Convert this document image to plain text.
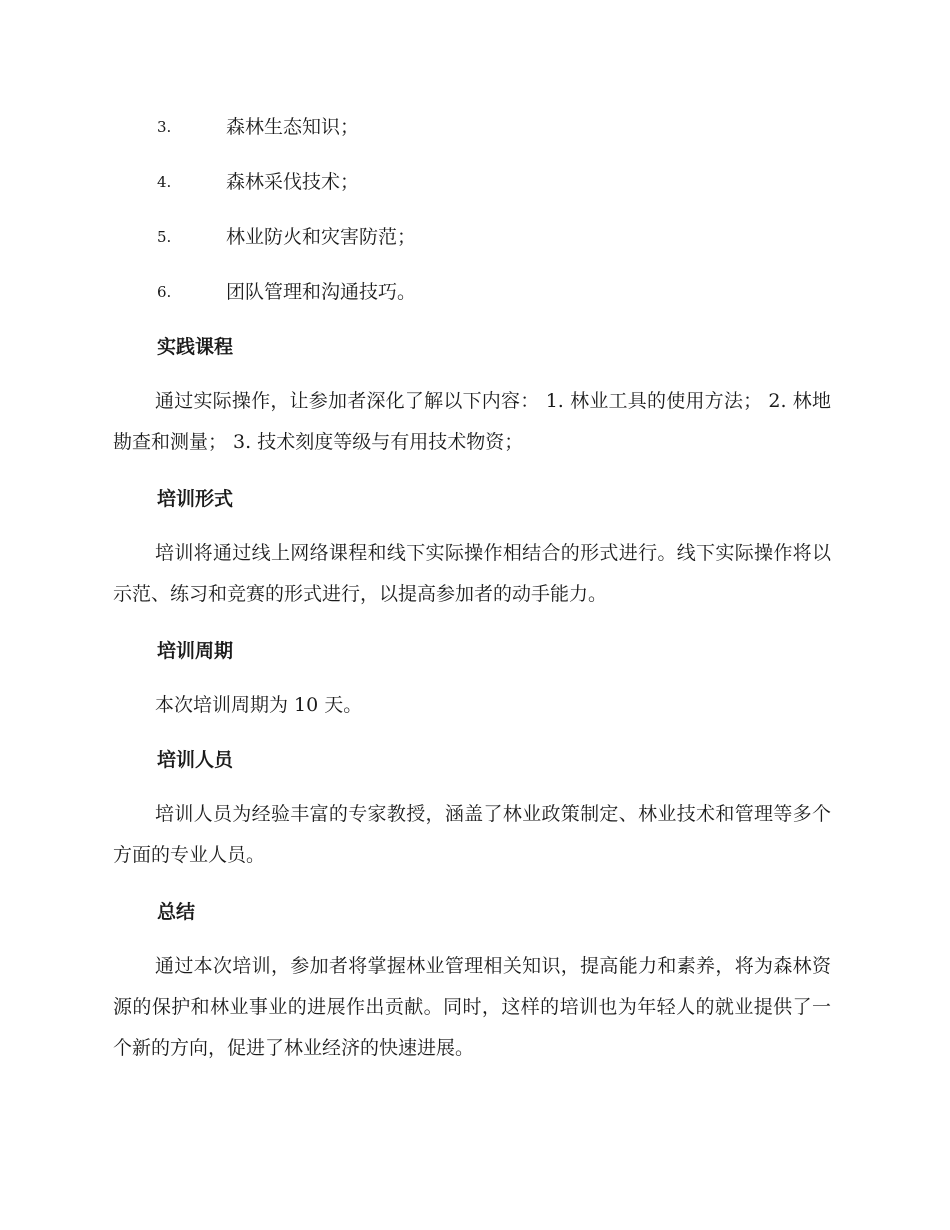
3.	森林生态知识；
4.	森林采伐技术；
5.	林业防火和灾害防范；
6.	团队管理和沟通技巧。
实践课程

通过实际操作，让参加者深化了解以下内容： 1. 林业工具的使用方法； 2. 林地勘查和测量； 3. 技术刻度等级与有用技术物资；

培训形式

培训将通过线上网络课程和线下实际操作相结合的形式进行。线下实际操作将以示范、练习和竞赛的形式进行，以提高参加者的动手能力。

培训周期

本次培训周期为 10 天。

培训人员

培训人员为经验丰富的专家教授，涵盖了林业政策制定、林业技术和管理等多个方面的专业人员。

总结

通过本次培训，参加者将掌握林业管理相关知识，提高能力和素养，将为森林资源的保护和林业事业的进展作出贡献。同时，这样的培训也为年轻人的就业提供了一个新的方向，促进了林业经济的快速进展。
